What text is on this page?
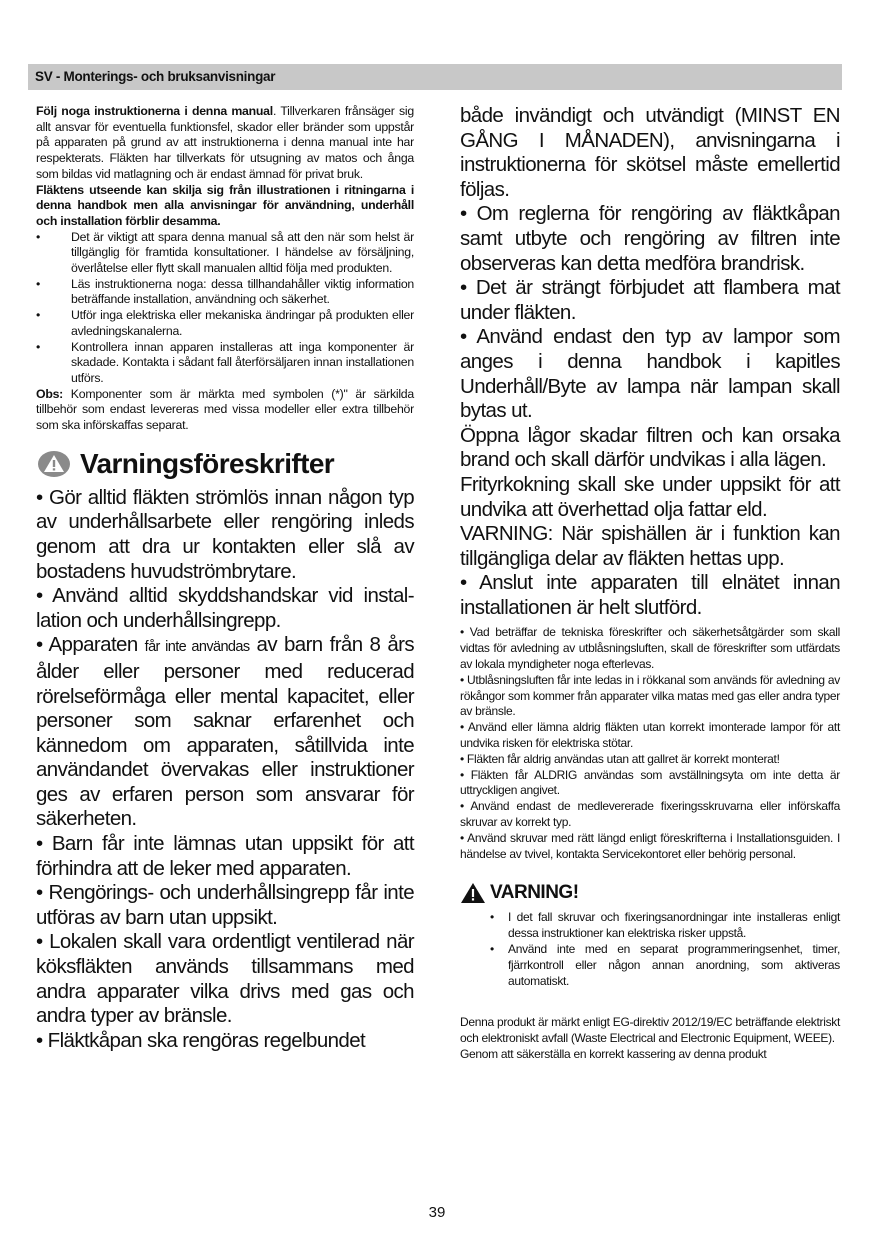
SV - Monterings- och bruksanvisningar

Följ noga instruktionerna i denna manual. Tillverkaren frånsäger sig allt ansvar för eventuella funktionsfel, skador eller bränder som uppstår på apparaten på grund av att instruktionerna i denna manual inte har respekterats. Fläkten har tillverkats för utsugning av matos och ånga som bildas vid matlagning och är endast ämnad för privat bruk.

Fläktens utseende kan skilja sig från illustrationen i ritningarna i denna handbok men alla anvisningar för användning, underhåll och installation förblir desamma.

•	Det är viktigt att spara denna manual så att den när som helst är tillgänglig för framtida konsultationer. I händelse av försäljning, överlåtelse eller flytt skall manualen alltid följa med produkten.
•	Läs instruktionerna noga: dessa tillhandahåller viktig information beträffande installation, användning och säkerhet.
•	Utför inga elektriska eller mekaniska ändringar på produkten eller avledningskanalerna.
•	Kontrollera innan apparen installeras att inga komponenter är skadade. Kontakta i sådant fall återförsäljaren innan installationen utförs.

Obs: Komponenter som är märkta med symbolen (*)" är särkilda tillbehör som endast levereras med vissa modeller eller extra tillbehör som ska införskaffas separat.

Varningsföreskrifter

• Gör alltid fläkten strömlös innan någon typ av underhållsarbete eller rengöring inleds genom att dra ur kontakten eller slå av bostadens huvudströmbrytare.

• Använd alltid skyddshandskar vid instal-lation och underhållsingrepp.

• Apparaten får inte användas av barn från 8 års ålder eller personer med reducerad rörelseförmåga eller mental kapacitet, eller personer som saknar erfarenhet och kännedom om apparaten, såtillvida inte användandet övervakas eller instruktioner ges av erfaren person som ansvarar för säkerheten.

• Barn får inte lämnas utan uppsikt för att förhindra att de leker med apparaten.

• Rengörings- och underhållsingrepp får inte utföras av barn utan uppsikt.

• Lokalen skall vara ordentligt ventilerad när köksfläkten används tillsammans med andra apparater vilka drivs med gas och andra typer av bränsle.

• Fläktkåpan ska rengöras regelbundet

både invändigt och utvändigt (MINST EN GÅNG I MÅNADEN), anvisningarna i instruktionerna för skötsel måste emellertid följas.

• Om reglerna för rengöring av fläktkåpan samt utbyte och rengöring av filtren inte observeras kan detta medföra brandrisk.

• Det är strängt förbjudet att flambera mat under fläkten.

• Använd endast den typ av lampor som anges i denna handbok i kapitles Underhåll/Byte av lampa när lampan skall bytas ut.

Öppna lågor skadar filtren och kan orsaka brand och skall därför undvikas i alla lägen.

Frityrkokning skall ske under uppsikt för att undvika att överhettad olja fattar eld.

VARNING: När spishällen är i funktion kan tillgängliga delar av fläkten hettas upp.

• Anslut inte apparaten till elnätet innan installationen är helt slutförd.

• Vad beträffar de tekniska föreskrifter och säkerhetsåtgärder som skall vidtas för avledning av utblåsningsluften, skall de föreskrifter som utfärdats av lokala myndigheter noga efterlevas.

• Utblåsningsluften får inte ledas in i rökkanal som används för avledning av rökångor som kommer från apparater vilka matas med gas eller andra typer av bränsle.

• Använd eller lämna aldrig fläkten utan korrekt imonterade lampor för att undvika risken för elektriska stötar.

• Fläkten får aldrig användas utan att gallret är korrekt monterat!

• Fläkten får ALDRIG användas som avställningsyta om inte detta är uttryckligen angivet.

• Använd endast de medlevererade fixeringsskruvarna eller införskaffa skruvar av korrekt typ.

• Använd skruvar med rätt längd enligt föreskrifterna i Installationsguiden. I händelse av tvivel, kontakta Servicekontoret eller behörig personal.

VARNING!
• I det fall skruvar och fixeringsanordningar inte installeras enligt dessa instruktioner kan elektriska risker uppstå.
• Använd inte med en separat programmeringsenhet, timer, fjärrkontroll eller någon annan anordning, som aktiveras automatiskt.

Denna produkt är märkt enligt EG-direktiv 2012/19/EC beträffande elektriskt och elektroniskt avfall (Waste Electrical and Electronic Equipment, WEEE).

Genom att säkerställa en korrekt kassering av denna produkt

39
